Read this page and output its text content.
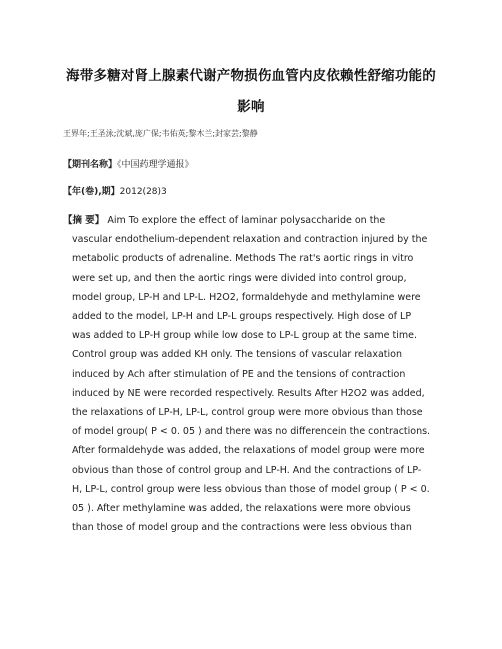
海带多糖对肾上腺素代谢产物损伤血管内皮依赖性舒缩功能的
影响
王界年;王圣泳;沈斌,庞广保;韦佑英;黎木兰;封家芸;黎静
【期刊名称】《中国药理学通报》
【年(卷),期】2012(28)3
【摘 要】 Aim To explore the effect of laminar polysaccharide on the
vascular endothelium-dependent relaxation and contraction injured by the
metabolic products of adrenaline. Methods The rat's aortic rings in vitro
were set up, and then the aortic rings were divided into control group,
model group, LP-H and LP-L. H2O2, formaldehyde and methylamine were
added to the model, LP-H and LP-L groups respectively. High dose of LP
was added to LP-H group while low dose to LP-L group at the same time.
Control group was added KH only. The tensions of vascular relaxation
induced by Ach after stimulation of PE and the tensions of contraction
induced by NE were recorded respectively. Results After H2O2 was added,
the relaxations of LP-H, LP-L, control group were more obvious than those
of model group( P < 0. 05 ) and there was no differencein the contractions.
After formaldehyde was added, the relaxations of model group were more
obvious than those of control group and LP-H. And the contractions of LP-
H, LP-L, control group were less obvious than those of model group ( P < 0.
05 ). After methylamine was added, the relaxations were more obvious
than those of model group and the contractions were less obvious than
